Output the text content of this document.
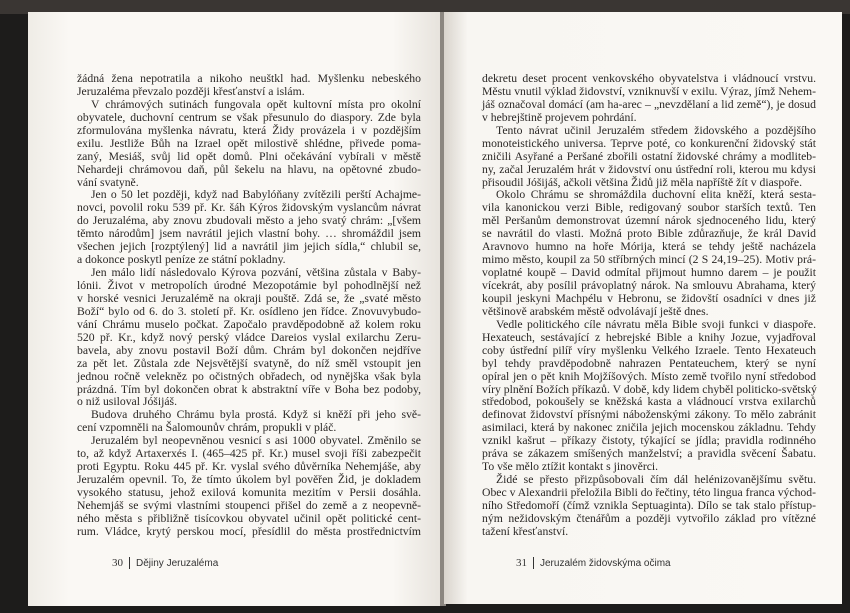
žádná žena nepotratila a nikoho neuštkl had. Myšlenku nebeského
Jeruzaléma převzalo později křesťanství a islám.
V chrámových sutinách fungovala opět kultovní místa pro okolní
obyvatele, duchovní centrum se však přesunulo do diaspory. Zde byla
zformulována myšlenka návratu, která Židy provázela i v pozdějším
exilu. Jestliže Bůh na Izrael opět milostivě shlédne, přivede poma-
zaný, Mesiáš, svůj lid opět domů. Plni očekávání vybírali v městě
Nehardeji chrámovou daň, půl šekelu na hlavu, na opětovné zbudo-
vání svatyně.
Jen o 50 let později, když nad Babylóňany zvítězili perští Achajme-
novci, povolil roku 539 př. Kr. šáh Kýros židovským vyslancům návrat
do Jeruzaléma, aby znovu zbudovali město a jeho svatý chrám: „[všem
těmto národům] jsem navrátil jejich vlastní bohy. … shromáždil jsem
všechen jejich [rozptýlený] lid a navrátil jim jejich sídla,“ chlubil se,
a dokonce poskytl peníze ze státní pokladny.
Jen málo lidí následovalo Kýrova pozvání, většina zůstala v Baby-
lónii. Život v metropolích úrodné Mezopotámie byl pohodlnější než
v horské vesnici Jeruzalémě na okraji pouště. Zdá se, že „svaté město
Boží“ bylo od 6. do 3. století př. Kr. osídleno jen řídce. Znovuvybudo-
vání Chrámu muselo počkat. Započalo pravděpodobně až kolem roku
520 př. Kr., když nový perský vládce Dareios vyslal exilarchu Zeru-
bavela, aby znovu postavil Boží dům. Chrám byl dokončen nejdříve
za pět let. Zůstala zde Nejsvětější svatyně, do níž směl vstoupit jen
jednou ročně velekněz po očistných obřadech, od nynějška však byla
prázdná. Tím byl dokončen obrat k abstraktní víře v Boha bez podoby,
o niž usiloval Jóšijáš.
Budova druhého Chrámu byla prostá. Když si kněží při jeho svě-
cení vzpomněli na Šalomounův chrám, propukli v pláč.
Jeruzalém byl neopevněnou vesnicí s asi 1000 obyvatel. Změnilo se
to, až když Artaxerxés I. (465–425 př. Kr.) musel svoji říši zabezpečit
proti Egyptu. Roku 445 př. Kr. vyslal svého důvěrníka Nehemjáše, aby
Jeruzalém opevnil. To, že tímto úkolem byl pověřen Žid, je dokladem
vysokého statusu, jehož exilová komunita mezitím v Persii dosáhla.
Nehemjáš se svými vlastními stoupenci přišel do země a z neopevně-
ného města s přibližně tisícovkou obyvatel učinil opět politické cent-
rum. Vládce, krytý perskou mocí, přesídlil do města prostřednictvím
30 Dějiny Jeruzaléma
dekretu deset procent venkovského obyvatelstva i vládnoucí vrstvu.
Městu vnutil výklad židovství, vzniknuvší v exilu. Výraz, jímž Nehem-
jáš označoval domácí (am ha-arec – „nevzdělaní a lid země“), je dosud
v hebrejštině projevem pohrdání.
Tento návrat učinil Jeruzalém středem židovského a pozdějšího
monoteistického universa. Teprve poté, co konkurenční židovský stát
zničili Asyřané a Peršané zbořili ostatní židovské chrámy a modliteb-
ny, začal Jeruzalém hrát v židovství onu ústřední roli, kterou mu kdysi
přisoudil Jóšijáš, ačkoli většina Židů již měla napříště žít v diaspoře.
Okolo Chrámu se shromáždila duchovní elita kněží, která sesta-
vila kanonickou verzi Bible, redigovaný soubor starších textů. Ten
měl Peršanům demonstrovat územní nárok sjednoceného lidu, který
se navrátil do vlasti. Možná proto Bible zdůrazňuje, že král David
Aravnovo humno na hoře Mórija, která se tehdy ještě nacházela
mimo město, koupil za 50 stříbrných mincí (2 S 24,19–25). Motiv prá-
voplatné koupě – David odmítal přijmout humno darem – je použit
vícekrát, aby posílil právoplatný nárok. Na smlouvu Abrahama, který
koupil jeskyni Machpélu v Hebronu, se židovští osadníci v dnes již
většinově arabském městě odvolávají ještě dnes.
Vedle politického cíle návratu měla Bible svoji funkci v diaspoře.
Hexateuch, sestávající z hebrejské Bible a knihy Jozue, vyjadřoval
coby ústřední pilíř víry myšlenku Velkého Izraele. Tento Hexateuch
byl tehdy pravděpodobně nahrazen Pentateuchem, který se nyní
opíral jen o pět knih Mojžíšových. Místo země tvořilo nyní středobod
víry plnění Božích příkazů. V době, kdy lidem chyběl politicko-světský
středobod, pokoušely se kněžská kasta a vládnoucí vrstva exilarchů
definovat židovství přísnými náboženskými zákony. To mělo zabránit
asimilaci, která by nakonec zničila jejich mocenskou základnu. Tehdy
vznikl kašrut – příkazy čistoty, týkající se jídla; pravidla rodinného
práva se zákazem smíšených manželství; a pravidla svěcení Šabatu.
To vše mělo ztížit kontakt s jinověrci.
Židé se přesto přizpůsobovali čím dál helénizovanějšímu světu.
Obec v Alexandrii přeložila Bibli do řečtiny, této lingua franca východ-
ního Středomoří (čímž vznikla Septuaginta). Dílo se tak stalo přístup-
ným nežidovským čtenářům a později vytvořilo základ pro vítězné
tažení křesťanství.
31 Jeruzalém židovskýma očima
